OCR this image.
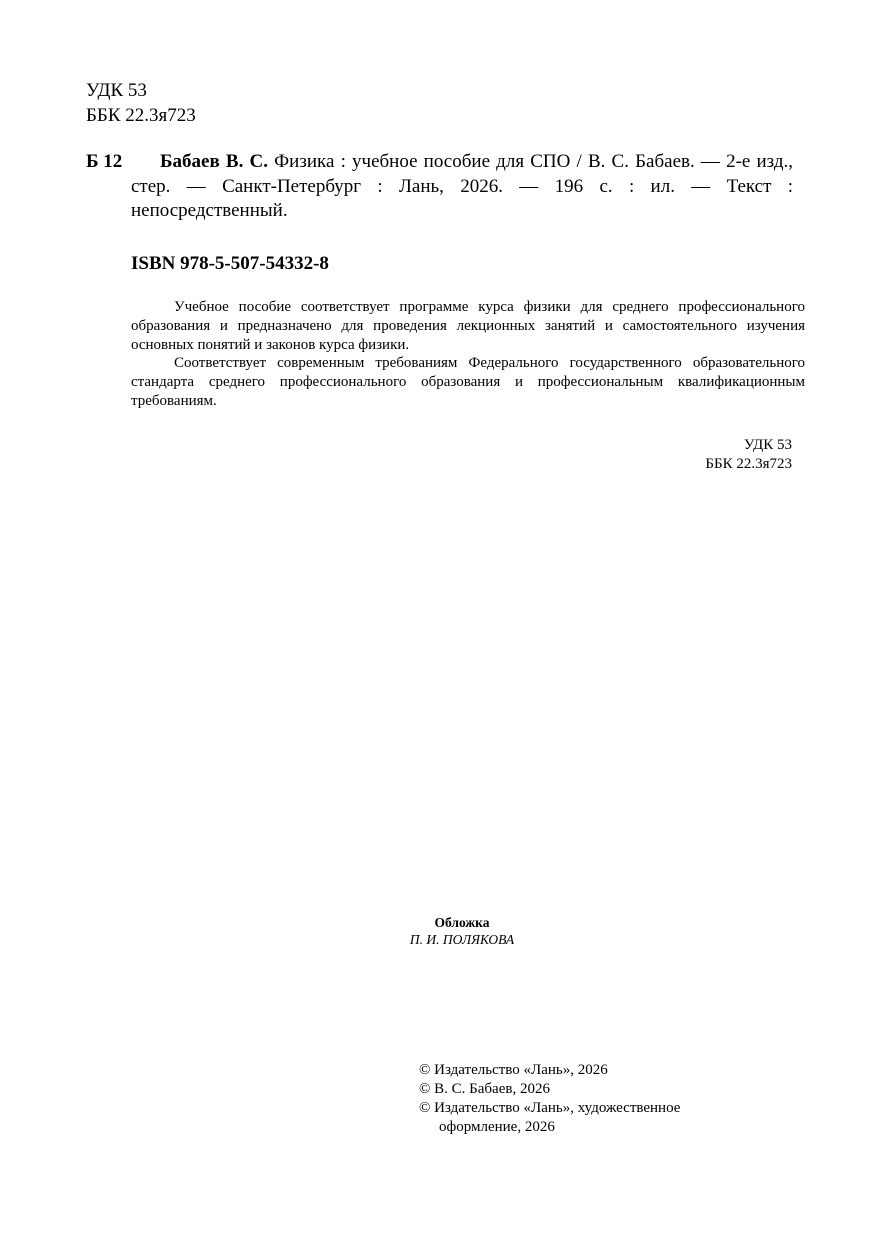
УДК 53
ББК 22.3я723
Б 12	Бабаев В. С. Физика : учебное пособие для СПО / В. С. Бабаев. — 2-е изд., стер. — Санкт-Петербург : Лань, 2026. — 196 с. : ил. — Текст : непосредственный.
ISBN 978-5-507-54332-8

Учебное пособие соответствует программе курса физики для среднего профессионального образования и предназначено для проведения лекционных занятий и самостоятельного изучения основных понятий и законов курса физики.

Соответствует современным требованиям Федерального государственного образовательного стандарта среднего профессионального образования и профессиональным квалификационным требованиям.

УДК 53
ББК 22.3я723
Обложка
П. И. ПОЛЯКОВА
© Издательство «Лань», 2026
© В. С. Бабаев, 2026
© Издательство «Лань», художественное
оформление, 2026
